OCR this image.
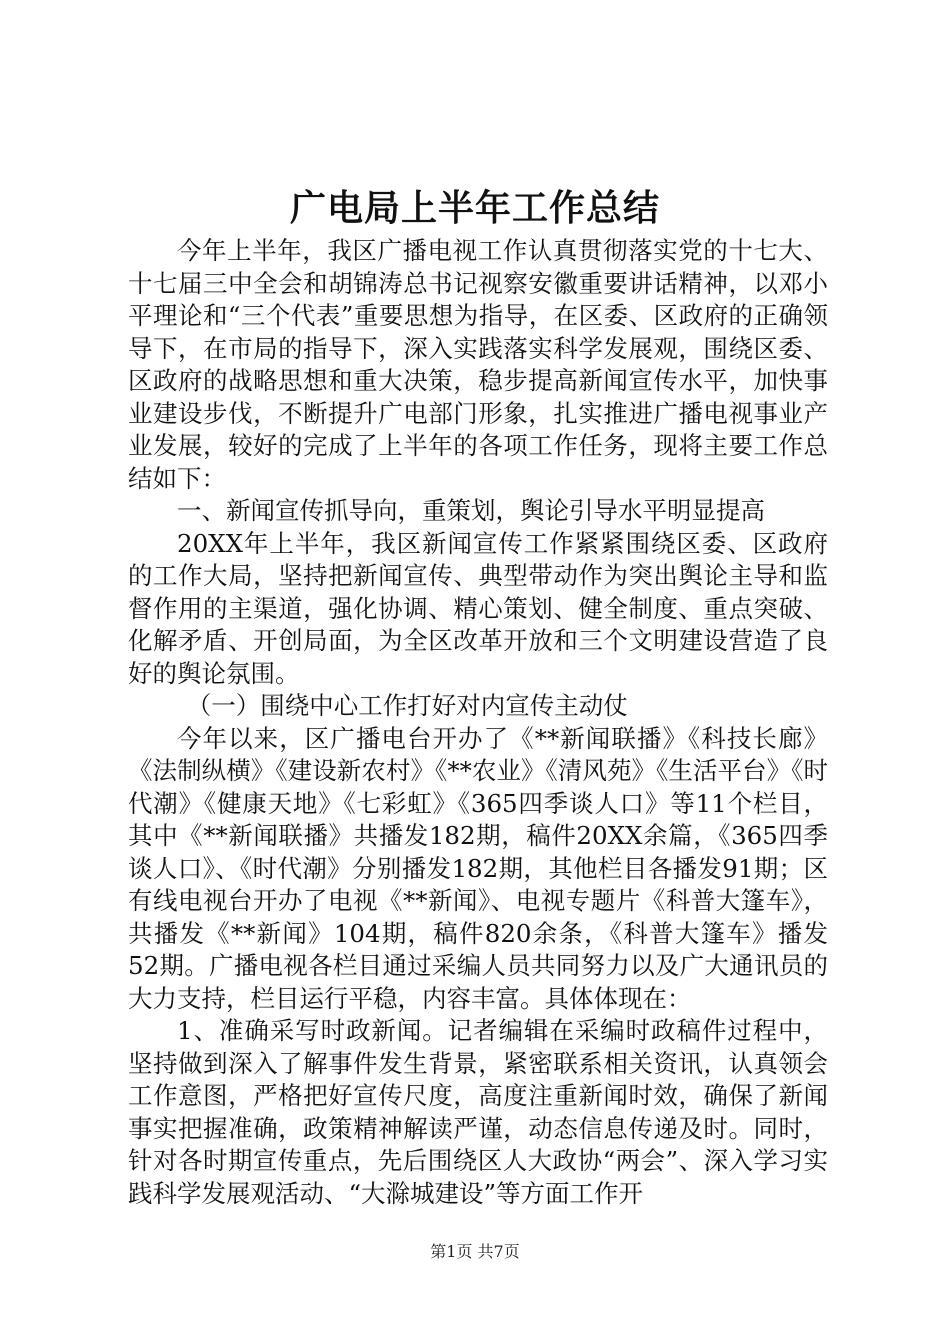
广电局上半年工作总结

今年上半年，我区广播电视工作认真贯彻落实党的十七大、十七届三中全会和胡锦涛总书记视察安徽重要讲话精神，以邓小平理论和“三个代表”重要思想为指导，在区委、区政府的正确领导下，在市局的指导下，深入实践落实科学发展观，围绕区委、区政府的战略思想和重大决策，稳步提高新闻宣传水平，加快事业建设步伐，不断提升广电部门形象，扎实推进广播电视事业产业发展，较好的完成了上半年的各项工作任务，现将主要工作总结如下：

一、新闻宣传抓导向，重策划，舆论引导水平明显提高

20XX年上半年，我区新闻宣传工作紧紧围绕区委、区政府的工作大局，坚持把新闻宣传、典型带动作为突出舆论主导和监督作用的主渠道，强化协调、精心策划、健全制度、重点突破、化解矛盾、开创局面，为全区改革开放和三个文明建设营造了良好的舆论氛围。

（一）围绕中心工作打好对内宣传主动仗

今年以来，区广播电台开办了《**新闻联播》《科技长廊》《法制纵横》《建设新农村》《**农业》《清风苑》《生活平台》《时代潮》《健康天地》《七彩虹》《365四季谈人口》等11个栏目，其中《**新闻联播》共播发182期，稿件20XX余篇，《365四季谈人口》、《时代潮》分别播发182期，其他栏目各播发91期；区有线电视台开办了电视《**新闻》、电视专题片《科普大篷车》，共播发《**新闻》104期，稿件820余条，《科普大篷车》播发52期。广播电视各栏目通过采编人员共同努力以及广大通讯员的大力支持，栏目运行平稳，内容丰富。具体体现在：

1、准确采写时政新闻。记者编辑在采编时政稿件过程中，坚持做到深入了解事件发生背景，紧密联系相关资讯，认真领会工作意图，严格把好宣传尺度，高度注重新闻时效，确保了新闻事实把握准确，政策精神解读严谨，动态信息传递及时。同时，针对各时期宣传重点，先后围绕区人大政协“两会”、深入学习实践科学发展观活动、“大滁城建设”等方面工作开

第1页 共7页
